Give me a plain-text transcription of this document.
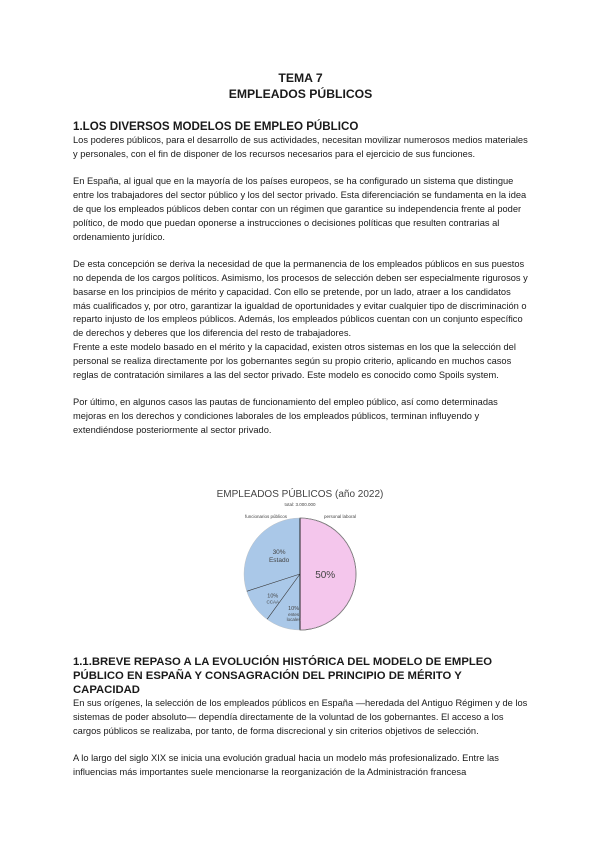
TEMA 7

EMPLEADOS PÚBLICOS

1.LOS DIVERSOS MODELOS DE EMPLEO PÚBLICO

Los poderes públicos, para el desarrollo de sus actividades, necesitan movilizar numerosos medios materiales y personales, con el fin de disponer de los recursos necesarios para el ejercicio de sus funciones.

En España, al igual que en la mayoría de los países europeos, se ha configurado un sistema que distingue entre los trabajadores del sector público y los del sector privado. Esta diferenciación se fundamenta en la idea de que los empleados públicos deben contar con un régimen que garantice su independencia frente al poder político, de modo que puedan oponerse a instrucciones o decisiones políticas que resulten contrarias al ordenamiento jurídico.

De esta concepción se deriva la necesidad de que la permanencia de los empleados públicos en sus puestos no dependa de los cargos políticos. Asimismo, los procesos de selección deben ser especialmente rigurosos y basarse en los principios de mérito y capacidad. Con ello se pretende, por un lado, atraer a los candidatos más cualificados y, por otro, garantizar la igualdad de oportunidades y evitar cualquier tipo de discriminación o reparto injusto de los empleos públicos. Además, los empleados públicos cuentan con un conjunto específico de derechos y deberes que los diferencia del resto de trabajadores.

Frente a este modelo basado en el mérito y la capacidad, existen otros sistemas en los que la selección del personal se realiza directamente por los gobernantes según su propio criterio, aplicando en muchos casos reglas de contratación similares a las del sector privado. Este modelo es conocido como Spoils system.

Por último, en algunos casos las pautas de funcionamiento del empleo público, así como determinadas mejoras en los derechos y condiciones laborales de los empleados públicos, terminan influyendo y extendiéndose posteriormente al sector privado.

1.1.BREVE REPASO A LA EVOLUCIÓN HISTÓRICA DEL MODELO DE EMPLEO PÚBLICO EN ESPAÑA Y CONSAGRACIÓN DEL PRINCIPIO DE MÉRITO Y CAPACIDAD

En sus orígenes, la selección de los empleados públicos en España —heredada del Antiguo Régimen y de los sistemas de poder absoluto— dependía directamente de la voluntad de los gobernantes. El acceso a los cargos públicos se realizaba, por tanto, de forma discrecional y sin criterios objetivos de selección.

A lo largo del siglo XIX se inicia una evolución gradual hacia un modelo más profesionalizado. Entre las influencias más importantes suele mencionarse la reorganización de la Administración francesa

EMPLEADOS PÚBLICOS (año 2022)
total: 3.000.000
funcionarios públicos	personal laboral
50%
30%
Estado
10%
CCAA
10%
entes
locales
